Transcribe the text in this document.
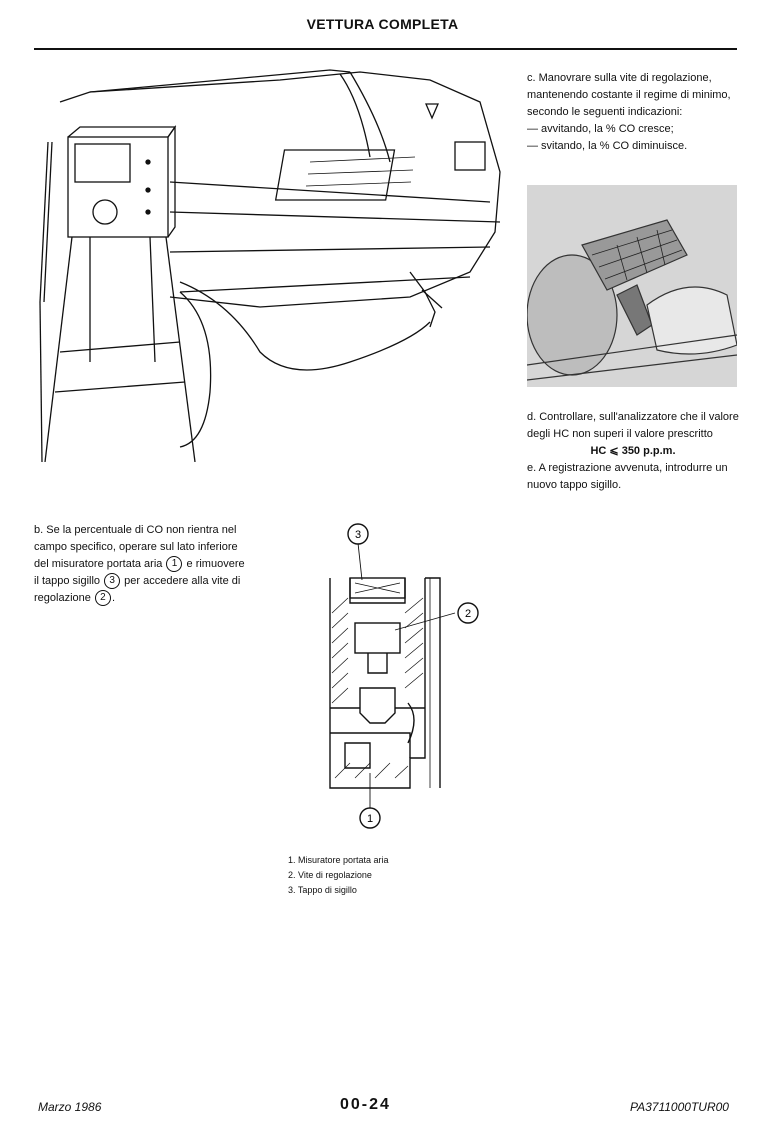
VETTURA COMPLETA

c. Manovrare sulla vite di regolazione, mantenendo costante il regime di minimo, secondo le seguenti indicazioni:

— avvitando, la % CO cresce;

— svitando, la % CO diminuisce.

d. Controllare, sull'analizzatore che il valore degli HC non superi il valore prescritto

HC ⩽ 350 p.p.m.

e. A registrazione avvenuta, introdurre un nuovo tappo sigillo.

b. Se la percentuale di CO non rientra nel campo specifico, operare sul lato inferiore del misuratore portata aria 1 e rimuovere il tappo sigillo 3 per accedere alla vite di regolazione 2 .

3
2
1
1. Misuratore portata aria
2. Vite di regolazione
3. Tappo di sigillo
Marzo 1986	00-24	PA3711000TUR00
